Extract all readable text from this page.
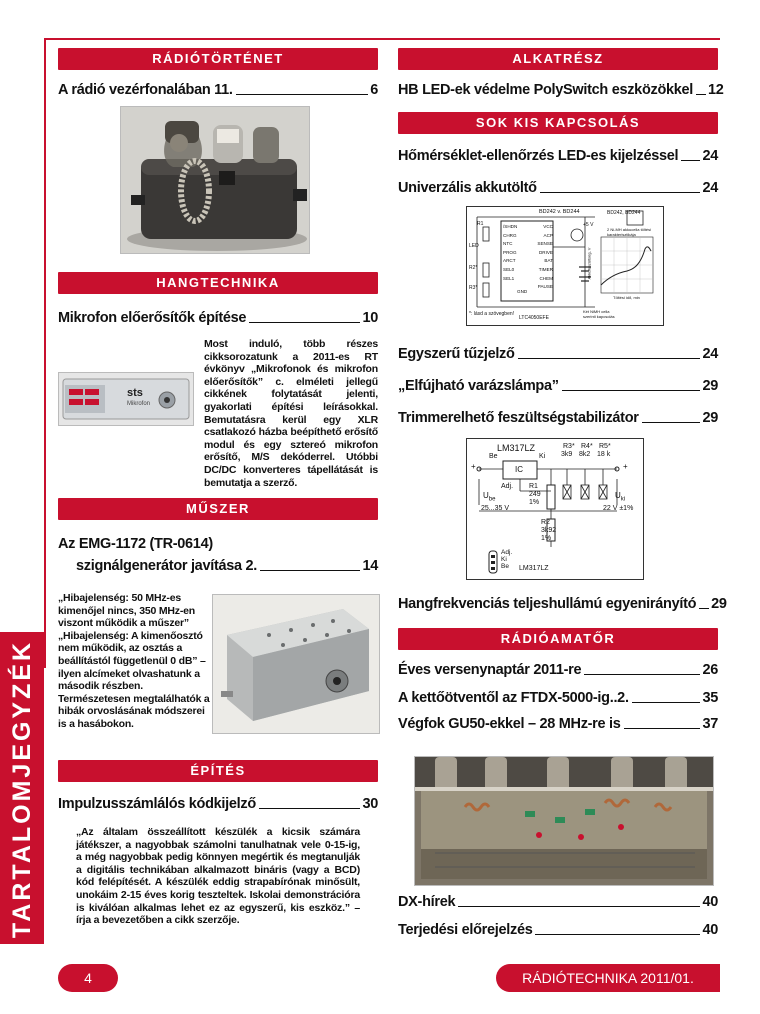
TARTALOMJEGYZÉK
RÁDIÓTÖRTÉNET
A rádió vezérfonalában 11.	6
HANGTECHNIKA
Mikrofon előerősítők építése	10
sts
Mikrofon
Most induló, több részes cikksorozatunk a 2011-es RT évkönyv „Mikrofonok és mikrofon előerősítők” c. elméleti jellegű cikkének folytatását jelenti, gyakorlati építési leírásokkal. Bemutatásra kerül egy XLR csatlakozó házba beépíthető erősítő modul és egy sztereó mikrofon erősítő, M/S dekóderrel. Utóbbi DC/DC konverteres tápellátását is bemutatja a szerző.
MŰSZER
Az EMG-1172 (TR-0614)
szignálgenerátor javítása 2.	14
„Hibajelenség: 50 MHz-es kimenőjel nincs, 350 MHz-en viszont működik a műszer” „Hibajelenség: A kimenőosztó nem működik, az osztás a beállítástól függetlenül 0 dB” – ilyen alcímeket olvashatunk a második részben. Természetesen megtalálhatók a hibák orvoslásának módszerei is a hasábokon.
ÉPÍTÉS
Impulzusszámlálós kódkijelző	30
„Az általam összeállított készülék a kicsik számára játékszer, a nagyobbak számolni tanulhatnak vele 0-15-ig, a még nagyobbak pedig könnyen megértik és megtanulják a digitális technikában alkalmazott bináris (vagy a BCD) kód felépítését. A készülék eddig strapabírónak minősült, unokáim 2-15 éves korig teszteltek. Iskolai demonstrációra is kiválóan alkalmas lehet ez az egyszerű, kis eszköz.” – írja a bevezetőben a cikk szerzője.
ALKATRÉSZ
HB LED-ek védelme PolySwitch eszközökkel 12
SOK KIS KAPCSOLÁS
Hőmérséklet-ellenőrzés LED-es kijelzéssel 24
Univerzális akkutöltő	24
BD242 v. BD244	BD242, BD244
+5 V
R1
LED
R2*
R3*
/SHDN
CHRG
NTC
PROG
ARCT
SEL0
SEL1
GND
VCC
ACP
SENSE
DRIVE
BAT
TIMER
CHEM
PAUSE
2 Ni-MH akkucella töltési karakterisztikája
Töltési idő, min
Akkufeszültség, V
*: lásd a szövegben!
LTC4050EFE
Két NiMH cella szerinti kapcsolás
Egyszerű tűzjelző	24
„Elfújható varázslámpa”	29
Trimmerelhető feszültségstabilizátor	29
LM317LZ	R3* R4* R5*
3k9 8k2 18 k
Be	Ki
IC
+	+
Adj. R1
249
1%
$U_{be}$
25...35 V
$U_{ki}$
22 V ±1%
R2
3k92
1%
Adj.
Ki
Be	LM317LZ
Hangfrekvenciás teljeshullámú egyenirányító 29
RÁDIÓAMATŐR
Éves versenynaptár 2011-re	26
A kettőötventől az FTDX-5000-ig..2.	35
Végfok GU50-ekkel – 28 MHz-re is	37
DX-hírek	40
Terjedési előrejelzés	40
4	RÁDIÓTECHNIKA 2011/01.
